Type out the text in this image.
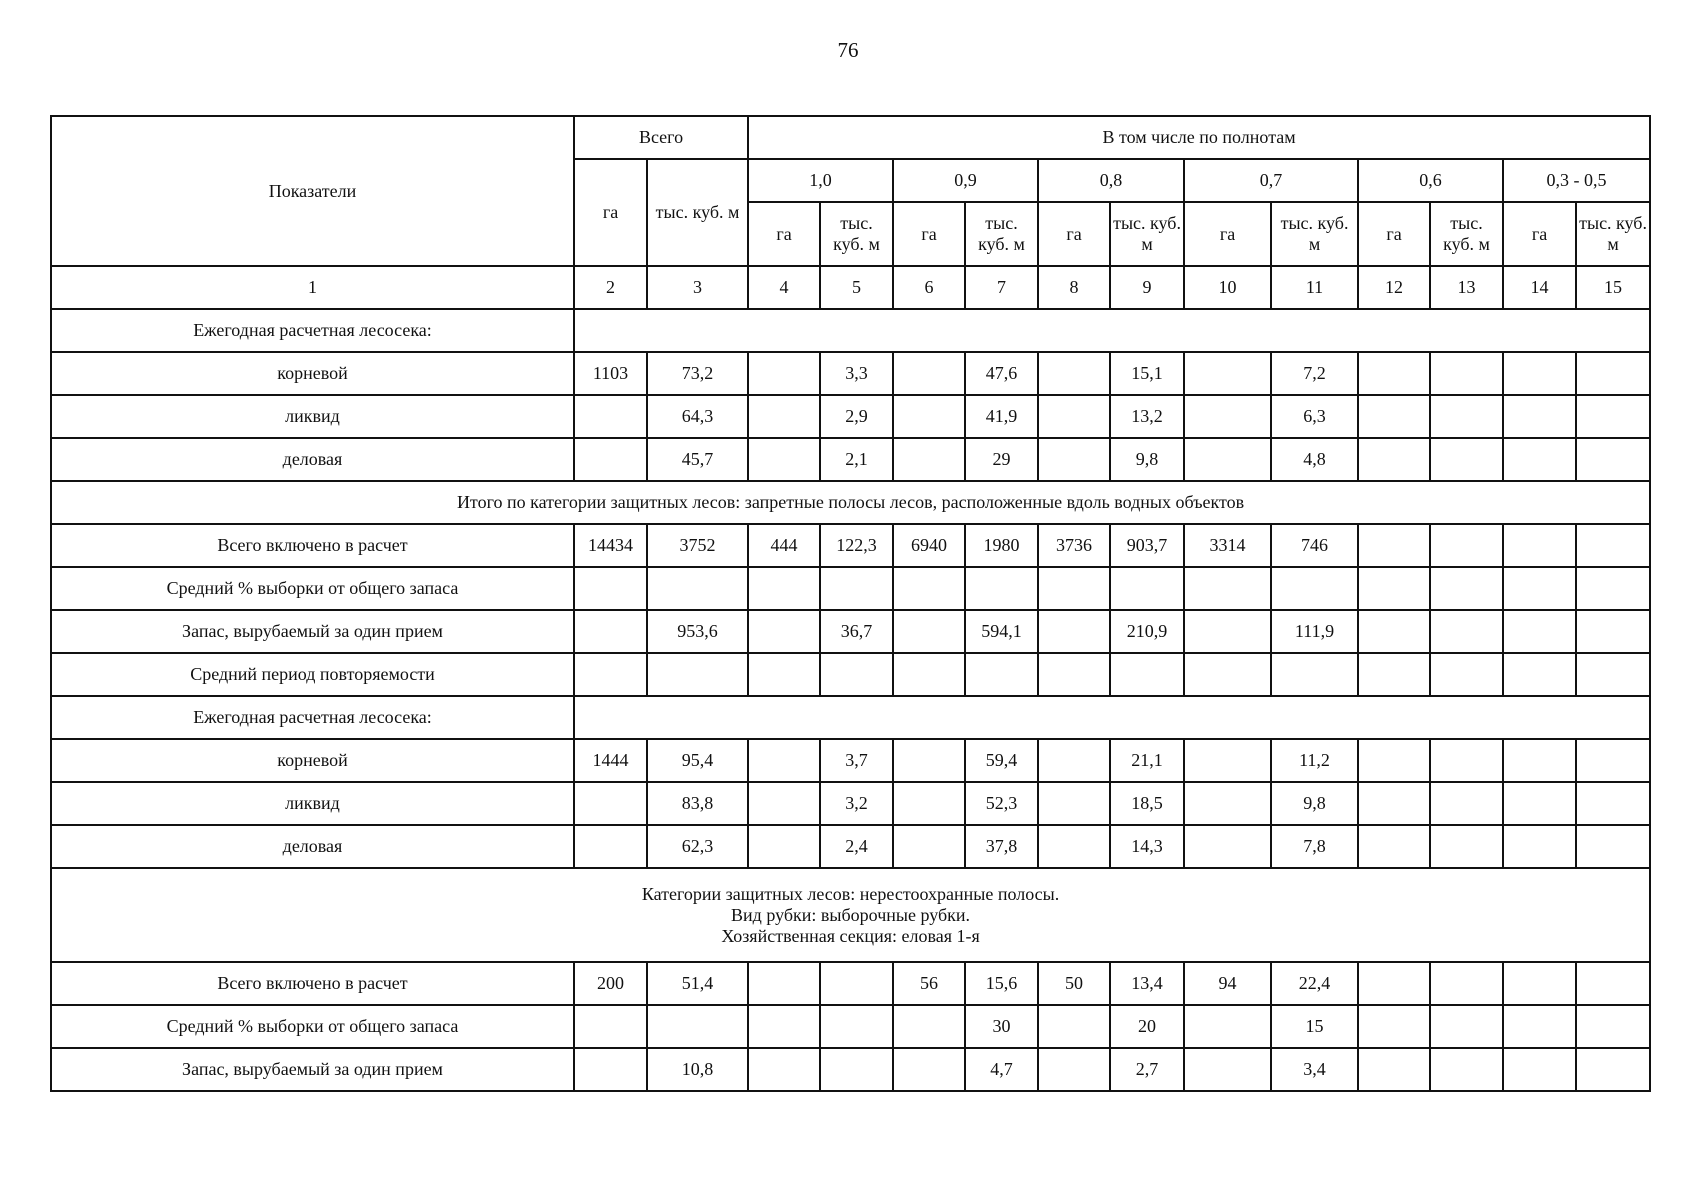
76
Показатели	Всего		В том числе по полнотам											
	га	тыс. куб. м	1,0		0,9		0,8		0,7		0,6		0,3 - 0,5	
			га	тыс. куб. м	га	тыс. куб. м	га	тыс. куб. м	га	тыс. куб. м	га	тыс. куб. м	га	тыс. куб. м
1	2	3	4	5	6	7	8	9	10	11	12	13	14	15
Ежегодная расчетная лесосека:														
корневой	1103	73,2		3,3		47,6		15,1		7,2				
ликвид		64,3		2,9		41,9		13,2		6,3				
деловая		45,7		2,1		29		9,8		4,8				

Итого по категории защитных лесов: запретные полосы лесов, расположенные вдоль водных объектов														

Всего включено в расчет	14434	3752	444	122,3	6940	1980	3736	903,7	3314	746				
Средний % выборки от общего запаса														
Запас, вырубаемый за один прием		953,6		36,7		594,1		210,9		111,9				
Средний период повторяемости														
Ежегодная расчетная лесосека:														
корневой	1444	95,4		3,7		59,4		21,1		11,2				
ликвид		83,8		3,2		52,3		18,5		9,8				
деловая		62,3		2,4		37,8		14,3		7,8				

Категории защитных лесов: нерестоохранные полосы.
Вид рубки: выборочные рубки.
Хозяйственная секция: еловая 1-я														

Всего включено в расчет	200	51,4			56	15,6	50	13,4	94	22,4				
Средний % выборки от общего запаса						30		20		15				
Запас, вырубаемый за один прием		10,8				4,7		2,7		3,4				
